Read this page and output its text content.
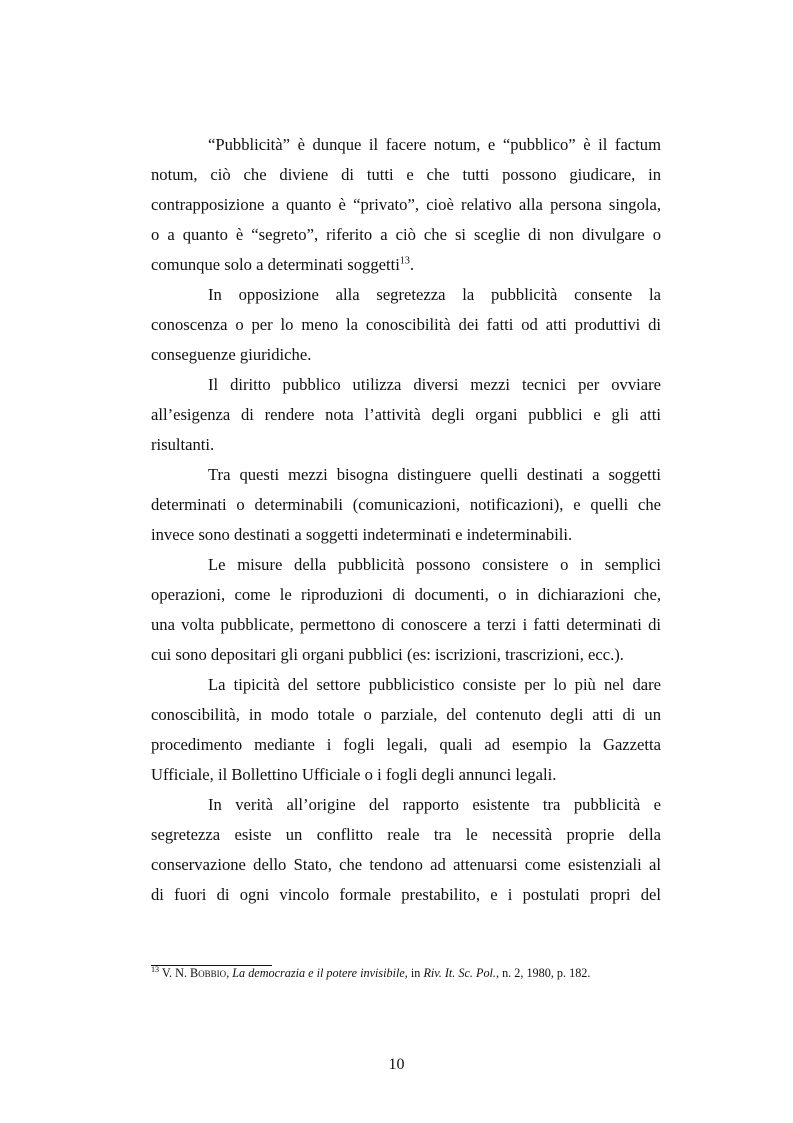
“Pubblicità” è dunque il facere notum, e “pubblico” è il factum
notum, ciò che diviene di tutti e che tutti possono giudicare, in
contrapposizione a quanto è “privato”, cioè relativo alla persona singola,
o a quanto è “segreto”, riferito a ciò che si sceglie di non divulgare o
comunque solo a determinati soggetti$^{13}$.
In opposizione alla segretezza la pubblicità consente la
conoscenza o per lo meno la conoscibilità dei fatti od atti produttivi di
conseguenze giuridiche.
Il diritto pubblico utilizza diversi mezzi tecnici per ovviare
all’esigenza di rendere nota l’attività degli organi pubblici e gli atti
risultanti.
Tra questi mezzi bisogna distinguere quelli destinati a soggetti
determinati o determinabili (comunicazioni, notificazioni), e quelli che
invece sono destinati a soggetti indeterminati e indeterminabili.
Le misure della pubblicità possono consistere o in semplici
operazioni, come le riproduzioni di documenti, o in dichiarazioni che,
una volta pubblicate, permettono di conoscere a terzi i fatti determinati di
cui sono depositari gli organi pubblici (es: iscrizioni, trascrizioni, ecc.).
La tipicità del settore pubblicistico consiste per lo più nel dare
conoscibilità, in modo totale o parziale, del contenuto degli atti di un
procedimento mediante i fogli legali, quali ad esempio la Gazzetta
Ufficiale, il Bollettino Ufficiale o i fogli degli annunci legali.
In verità all’origine del rapporto esistente tra pubblicità e
segretezza esiste un conflitto reale tra le necessità proprie della
conservazione dello Stato, che tendono ad attenuarsi come esistenziali al
di fuori di ogni vincolo formale prestabilito, e i postulati propri del
$^{13}$ V. N. Bobbio, La democrazia e il potere invisibile, in Riv. It. Sc. Pol., n. 2, 1980, p. 182.
10
